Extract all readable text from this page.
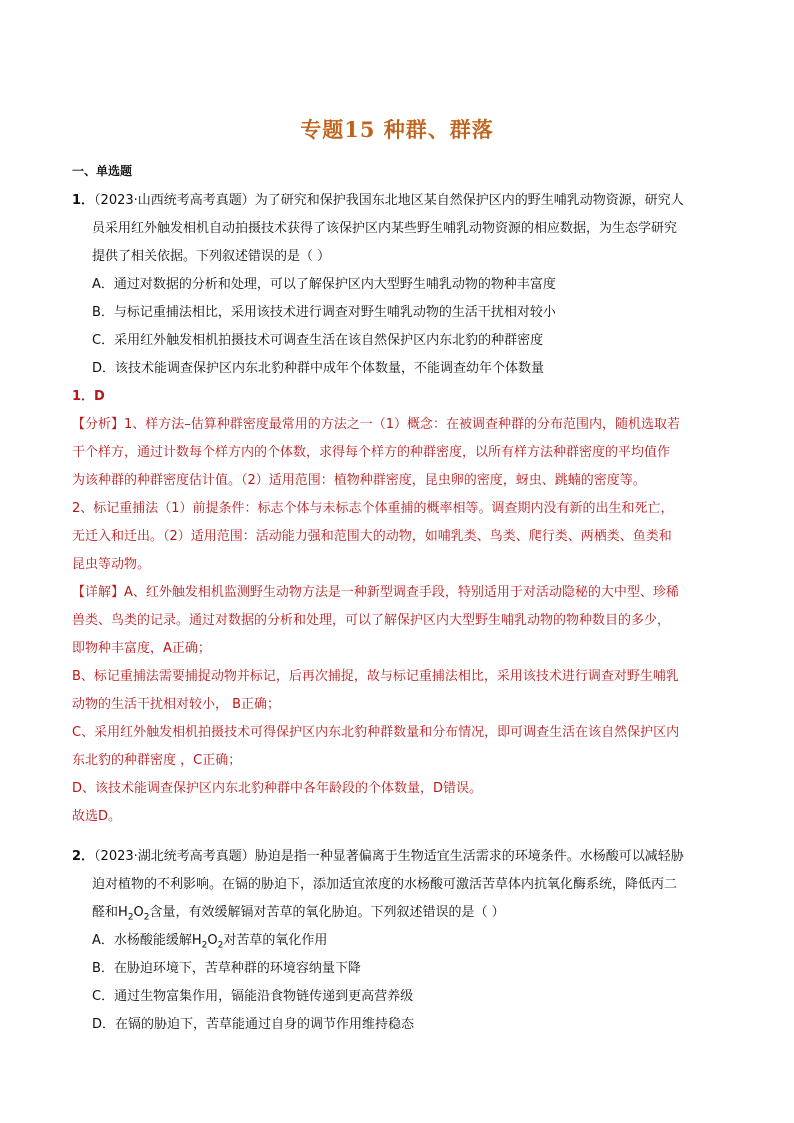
专题15 种群、群落
一、单选题
1．（2023·山西统考高考真题）为了研究和保护我国东北地区某自然保护区内的野生哺乳动物资源，研究人
员采用红外触发相机自动拍摄技术获得了该保护区内某些野生哺乳动物资源的相应数据，为生态学研究
提供了相关依据。下列叙述错误的是（ ）
A．通过对数据的分析和处理，可以了解保护区内大型野生哺乳动物的物种丰富度
B．与标记重捕法相比，采用该技术进行调查对野生哺乳动物的生活干扰相对较小
C．采用红外触发相机拍摄技术可调查生活在该自然保护区内东北豹的种群密度
D．该技术能调查保护区内东北豹种群中成年个体数量，不能调查幼年个体数量
1．D
【分析】1、样方法–估算种群密度最常用的方法之一（1）概念：在被调查种群的分布范围内，随机选取若
干个样方，通过计数每个样方内的个体数，求得每个样方的种群密度，以所有样方法种群密度的平均值作
为该种群的种群密度估计值。（2）适用范围：植物种群密度，昆虫卵的密度，蚜虫、跳蝻的密度等。
2、标记重捕法（1）前提条件：标志个体与未标志个体重捕的概率相等。调查期内没有新的出生和死亡，
无迁入和迁出。（2）适用范围：活动能力强和范围大的动物，如哺乳类、鸟类、爬行类、两栖类、鱼类和
昆虫等动物。
【详解】A、红外触发相机监测野生动物方法是一种新型调查手段，特别适用于对活动隐秘的大中型、珍稀
兽类、鸟类的记录。通过对数据的分析和处理，可以了解保护区内大型野生哺乳动物的物种数目的多少，
即物种丰富度，A正确；
B、标记重捕法需要捕捉动物并标记，后再次捕捉，故与标记重捕法相比，采用该技术进行调查对野生哺乳
动物的生活干扰相对较小， B正确；
C、采用红外触发相机拍摄技术可得保护区内东北豹种群数量和分布情况，即可调查生活在该自然保护区内
东北豹的种群密度 ，C正确；
D、该技术能调查保护区内东北豹种群中各年龄段的个体数量，D错误。
故选D。
2．（2023·湖北统考高考真题）胁迫是指一种显著偏离于生物适宜生活需求的环境条件。水杨酸可以减轻胁
迫对植物的不利影响。在镉的胁迫下，添加适宜浓度的水杨酸可激活苦草体内抗氧化酶系统，降低丙二
醛和$H_2O_2$含量，有效缓解镉对苦草的氧化胁迫。下列叙述错误的是（ ）
A．水杨酸能缓解$H_2O_2$对苦草的氧化作用
B．在胁迫环境下，苦草种群的环境容纳量下降
C．通过生物富集作用，镉能沿食物链传递到更高营养级
D．在镉的胁迫下，苦草能通过自身的调节作用维持稳态
